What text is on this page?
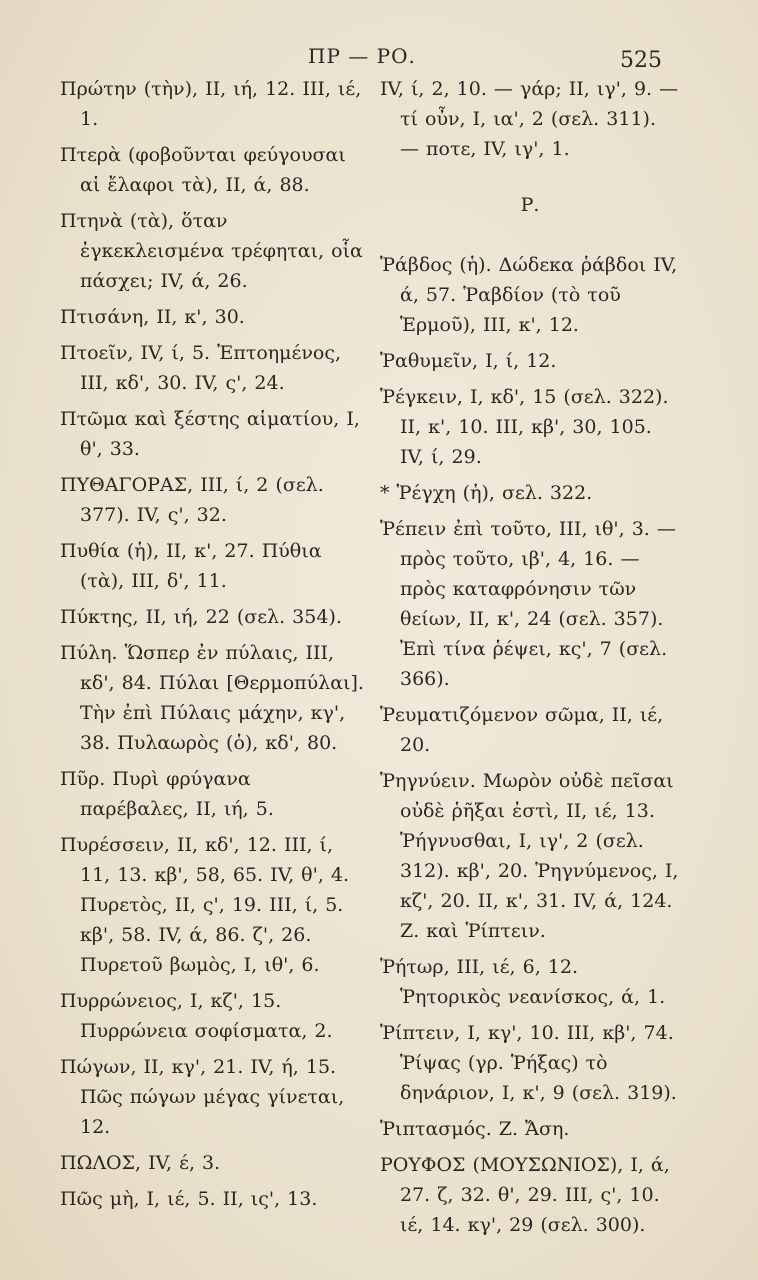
ΠΡ — ΡΟ.	525

Πρώτην (τὴν), II, ιή, 12. III, ιέ, 1.

Πτερὰ (φοβοῦνται φεύγουσαι αἱ ἔλαφοι τὰ), II, ά, 88.

Πτηνὰ (τὰ), ὅταν ἐγκεκλεισμένα τρέφηται, οἷα πάσχει; IV, ά, 26.

Πτισάνη, II, κ', 30.

Πτοεῖν, IV, ί, 5. Ἐπτοημένος, III, κδ', 30. IV, ς', 24.

Πτῶμα καὶ ξέστης αἱματίου, I, θ', 33.

ΠΥΘΑΓΟΡΑΣ, III, ί, 2 (σελ. 377). IV, ς', 32.

Πυθία (ἡ), II, κ', 27. Πύθια (τὰ), III, δ', 11.

Πύκτης, II, ιή, 22 (σελ. 354).

Πύλη. Ὥσπερ ἐν πύλαις, III, κδ', 84. Πύλαι [Θερμοπύλαι]. Τὴν ἐπὶ Πύλαις μάχην, κγ', 38. Πυλαωρὸς (ὁ), κδ', 80.

Πῦρ. Πυρὶ φρύγανα παρέβαλες, II, ιή, 5.

Πυρέσσειν, II, κδ', 12. III, ί, 11, 13. κβ', 58, 65. IV, θ', 4. Πυρετὸς, II, ς', 19. III, ί, 5. κβ', 58. IV, ά, 86. ζ', 26. Πυρετοῦ βωμὸς, I, ιθ', 6.

Πυρρώνειος, I, κζ', 15. Πυρρώνεια σοφίσματα, 2.

Πώγων, II, κγ', 21. IV, ή, 15. Πῶς πώγων μέγας γίνεται, 12.

ΠΩΛΟΣ, IV, έ, 3.

Πῶς μὴ, I, ιέ, 5. II, ις', 13.

IV, ί, 2, 10. — γάρ; II, ιγ', 9. — τί οὖν, I, ια', 2 (σελ. 311). — ποτε, IV, ιγ', 1.

Ρ.

Ῥάβδος (ἡ). Δώδεκα ῥάβδοι IV, ά, 57. Ῥαβδίον (τὸ τοῦ Ἑρμοῦ), III, κ', 12.

Ῥαθυμεῖν, I, ί, 12.

Ῥέγκειν, I, κδ', 15 (σελ. 322). II, κ', 10. III, κβ', 30, 105. IV, ί, 29.

* Ῥέγχη (ἡ), σελ. 322.

Ῥέπειν ἐπὶ τοῦτο, III, ιθ', 3. — πρὸς τοῦτο, ιβ', 4, 16. — πρὸς καταφρόνησιν τῶν θείων, II, κ', 24 (σελ. 357). Ἐπὶ τίνα ῥέψει, κς', 7 (σελ. 366).

Ῥευματιζόμενον σῶμα, II, ιέ, 20.

Ῥηγνύειν. Μωρὸν οὐδὲ πεῖσαι οὐδὲ ῥῆξαι ἐστὶ, II, ιέ, 13. Ῥήγνυσθαι, I, ιγ', 2 (σελ. 312). κβ', 20. Ῥηγνύμενος, I, κζ', 20. II, κ', 31. IV, ά, 124. Ζ. καὶ Ῥίπτειν.

Ῥήτωρ, III, ιέ, 6, 12. Ῥητορικὸς νεανίσκος, ά, 1.

Ῥίπτειν, I, κγ', 10. III, κβ', 74. Ῥίψας (γρ. Ῥήξας) τὸ δηνάριον, I, κ', 9 (σελ. 319).

Ῥιπτασμός. Ζ. Ἄση.

ΡΟΥΦΟΣ (ΜΟΥΣΩΝΙΟΣ), I, ά, 27. ζ, 32. θ', 29. III, ς', 10. ιέ, 14. κγ', 29 (σελ. 300).
